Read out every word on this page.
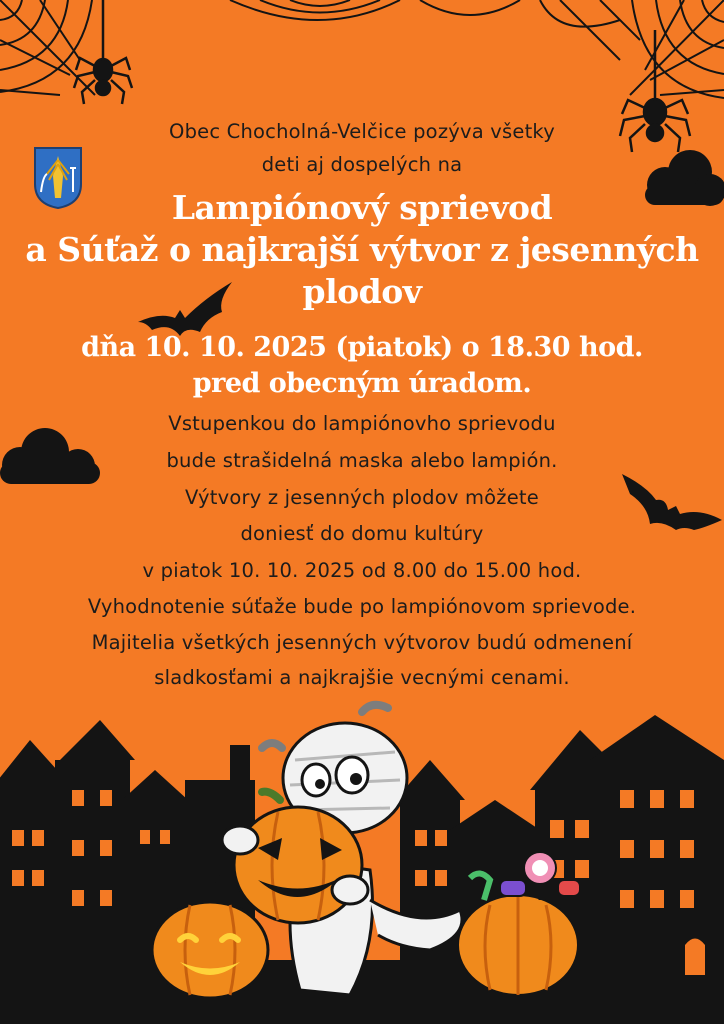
Obec Chocholná-Velčice pozýva všetky
deti aj dospelých na
Lampiónový sprievod
a Súťaž o najkrajší výtvor z jesenných
plodov
dňa 10. 10. 2025 (piatok) o 18.30 hod.
pred obecným úradom.
Vstupenkou do lampiónovho sprievodu
bude strašidelná maska alebo lampión.
Výtvory z jesenných plodov môžete
doniesť do domu kultúry
v piatok 10. 10. 2025 od 8.00 do 15.00 hod.
Vyhodnotenie súťaže bude po lampiónovom sprievode.
Majitelia všetkých jesenných výtvorov budú odmenení
sladkosťami a najkrajšie vecnými cenami.
